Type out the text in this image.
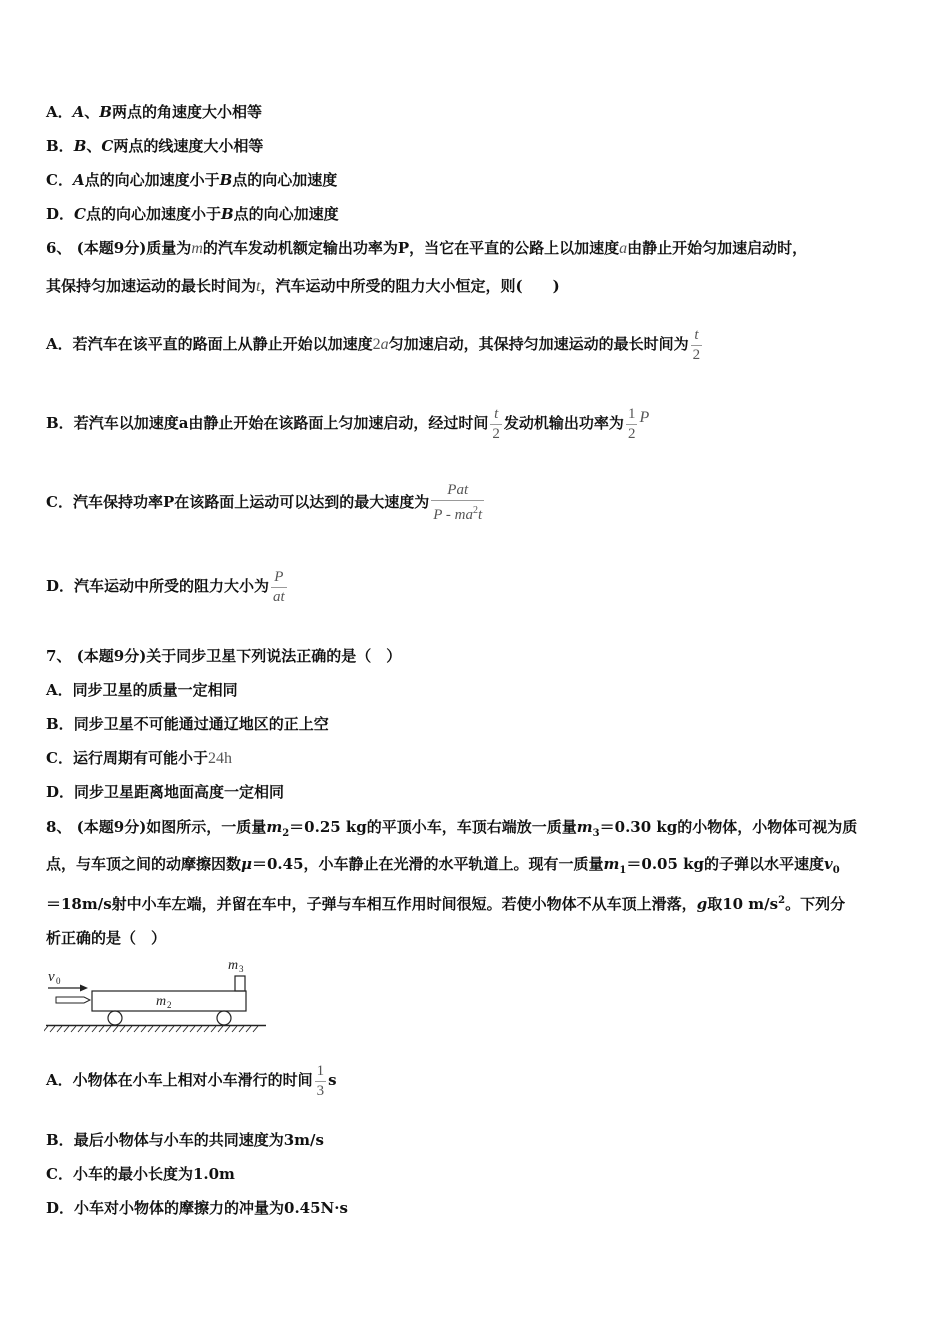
A．A、B两点的角速度大小相等
B．B、C两点的线速度大小相等
C．A点的向心加速度小于B点的向心加速度
D．C点的向心加速度小于B点的向心加速度
6、 (本题9分)质量为m的汽车发动机额定输出功率为P，当它在平直的公路上以加速度a由静止开始匀加速启动时，
其保持匀加速运动的最长时间为t，汽车运动中所受的阻力大小恒定，则(　　)
A．若汽车在该平直的路面上从静止开始以加速度2a匀加速启动，其保持匀加速运动的最长时间为 $\frac{t}{2}$
B．若汽车以加速度a由静止开始在该路面上匀加速启动，经过时间 $\frac{t}{2}$ 发动机输出功率为 $\frac{1}{2}$ P
C．汽车保持功率P在该路面上运动可以达到的最大速度为 $\frac{\text{Pat}}{P - ma^2t}$
D．汽车运动中所受的阻力大小为 $\frac{P}{at}$
7、 (本题9分)关于同步卫星下列说法正确的是（　）
A．同步卫星的质量一定相同
B．同步卫星不可能通过通辽地区的正上空
C．运行周期有可能小于24h
D．同步卫星距离地面高度一定相同
8、 (本题9分)如图所示，一质量$m_2=0.25$ kg的平顶小车，车顶右端放一质量$m_3=0.30$ kg的小物体，小物体可视为质
点，与车顶之间的动摩擦因数μ＝0.45，小车静止在光滑的水平轨道上。现有一质量$m_1=0.05$ kg的子弹以水平速度$v_0$
＝18m/s射中小车左端，并留在车中，子弹与车相互作用时间很短。若使小物体不从车顶上滑落，g取10 $m/s^2$。下列分
析正确的是（　）
v 0
m 2
m 3
A．小物体在小车上相对小车滑行的时间 $\frac{1}{3}$ s
B．最后小物体与小车的共同速度为3m/s
C．小车的最小长度为1.0m
D．小车对小物体的摩擦力的冲量为0.45N·s
